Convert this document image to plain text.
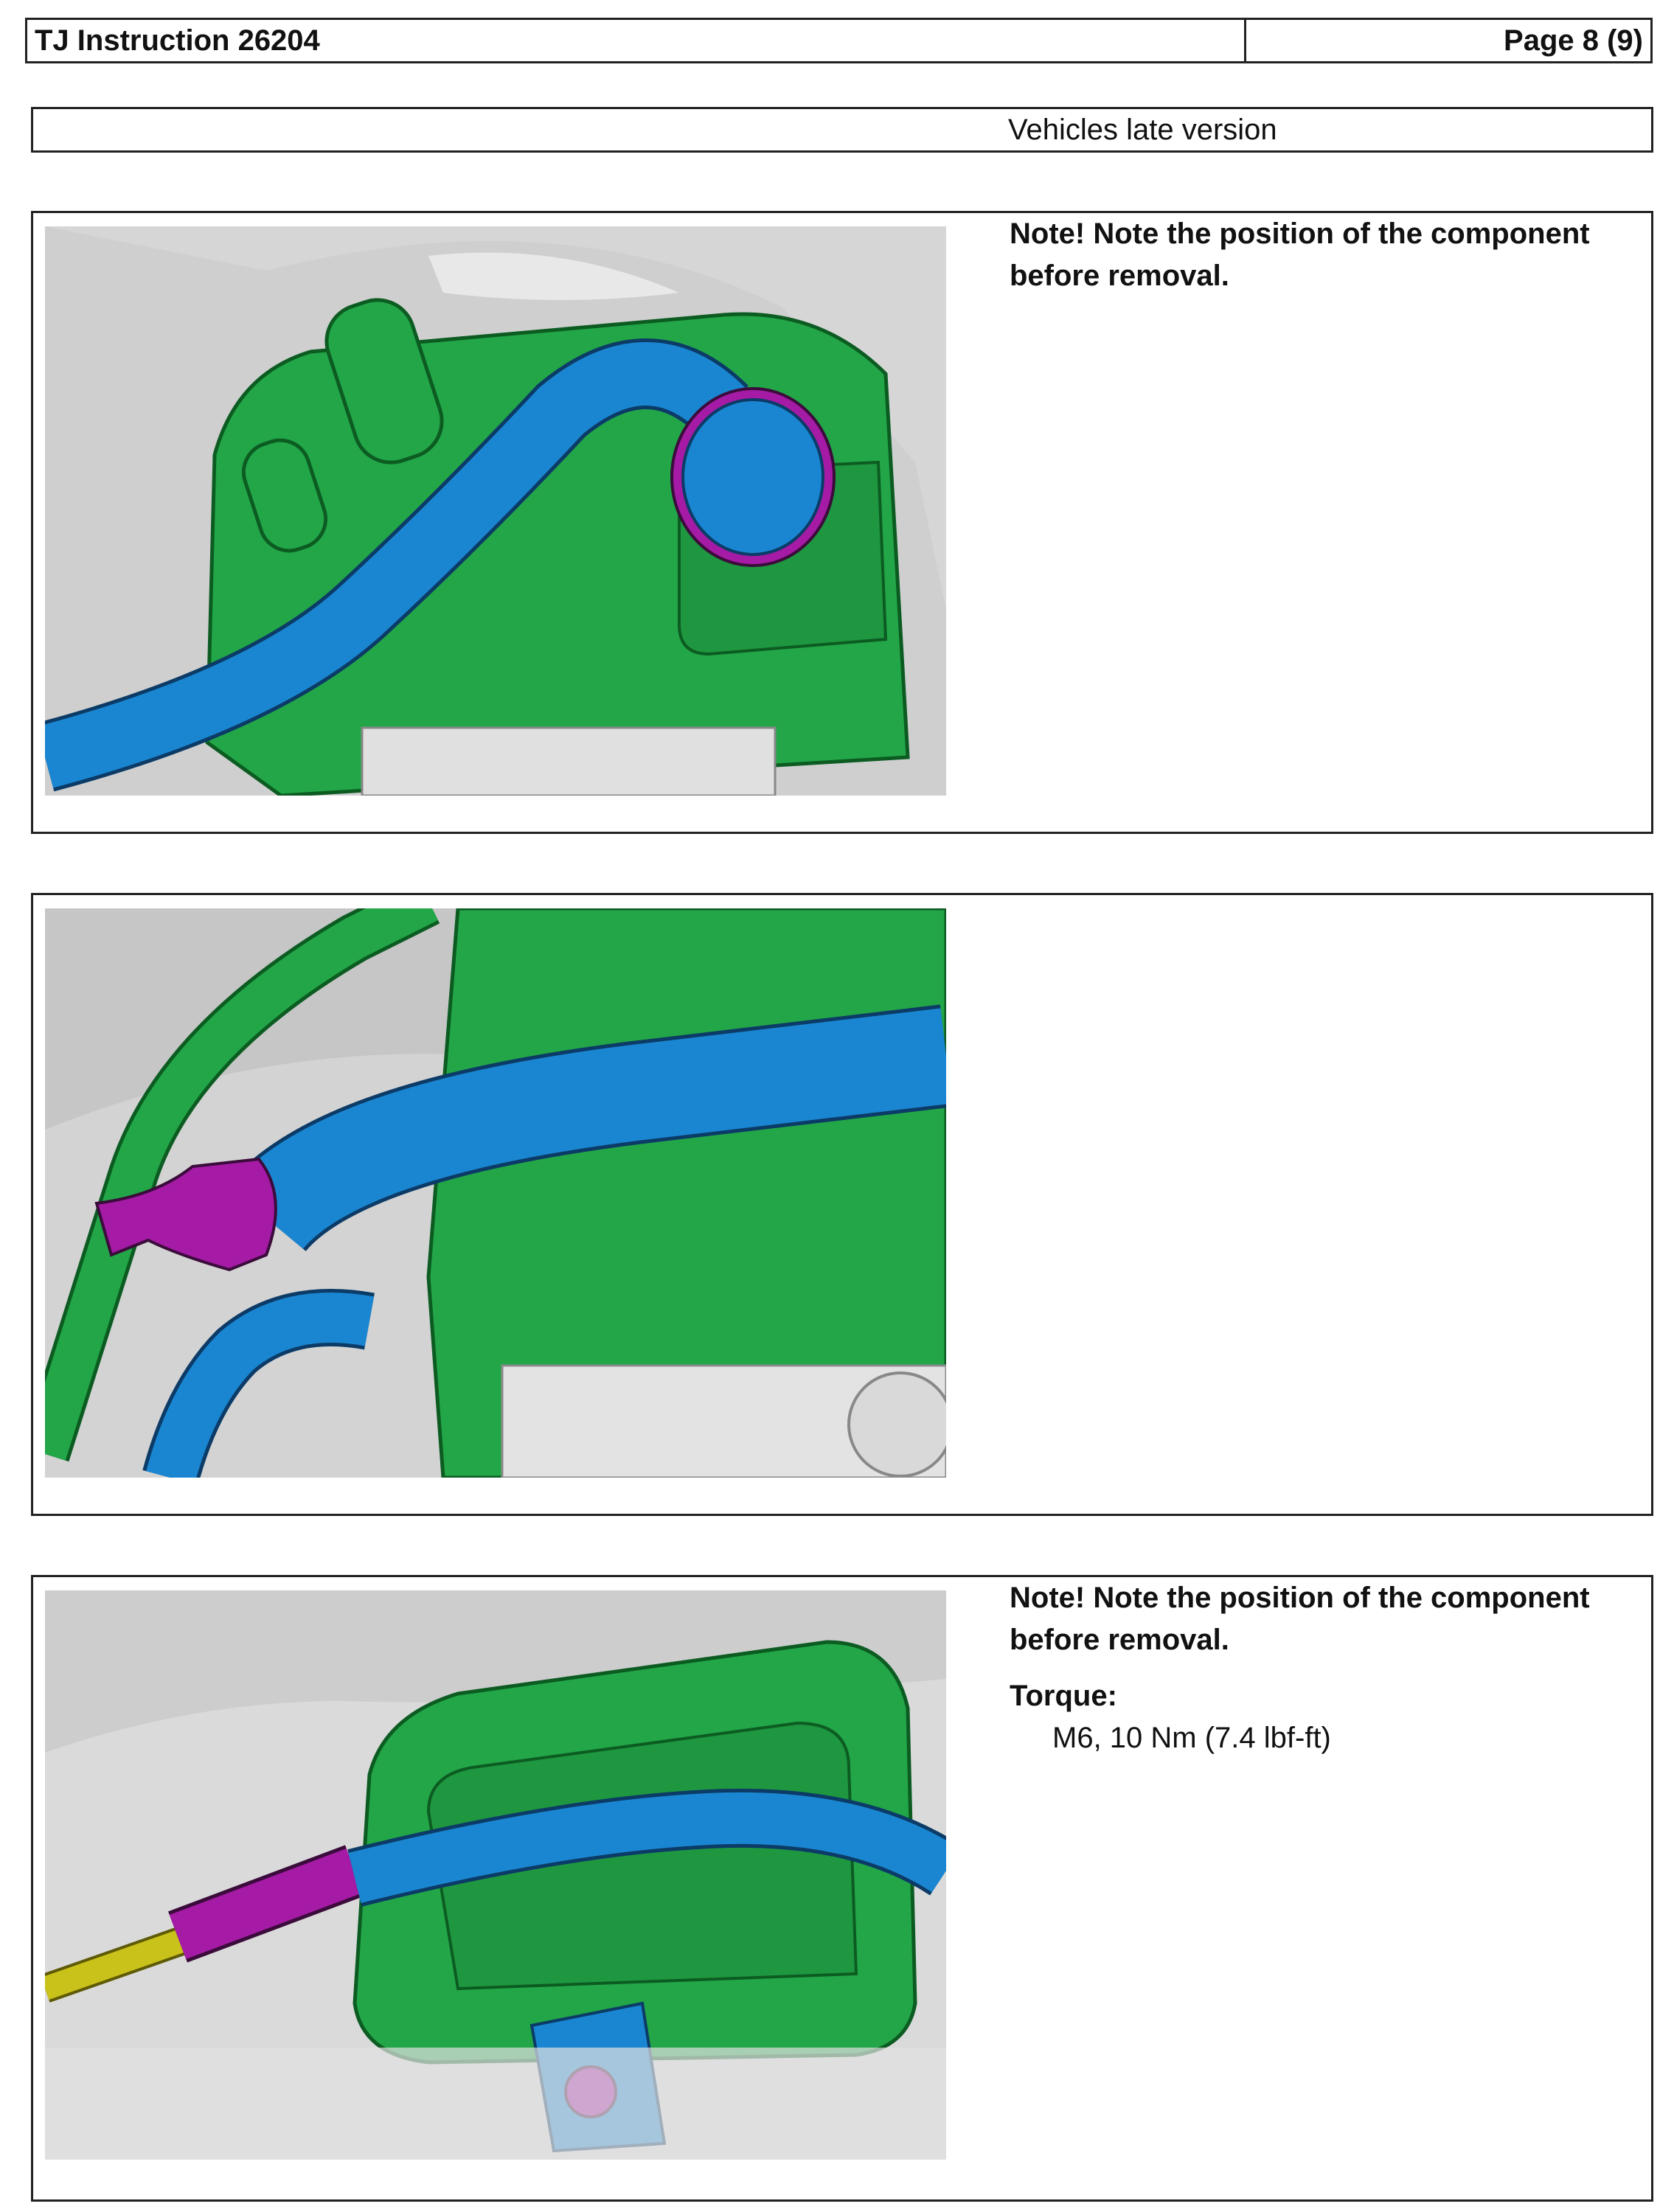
TJ Instruction 26204	Page 8 (9)
Vehicles late version
Note! Note the position of the component before removal.
Note! Note the position of the component before removal.
Torque:
M6, 10 Nm (7.4 lbf-ft)
